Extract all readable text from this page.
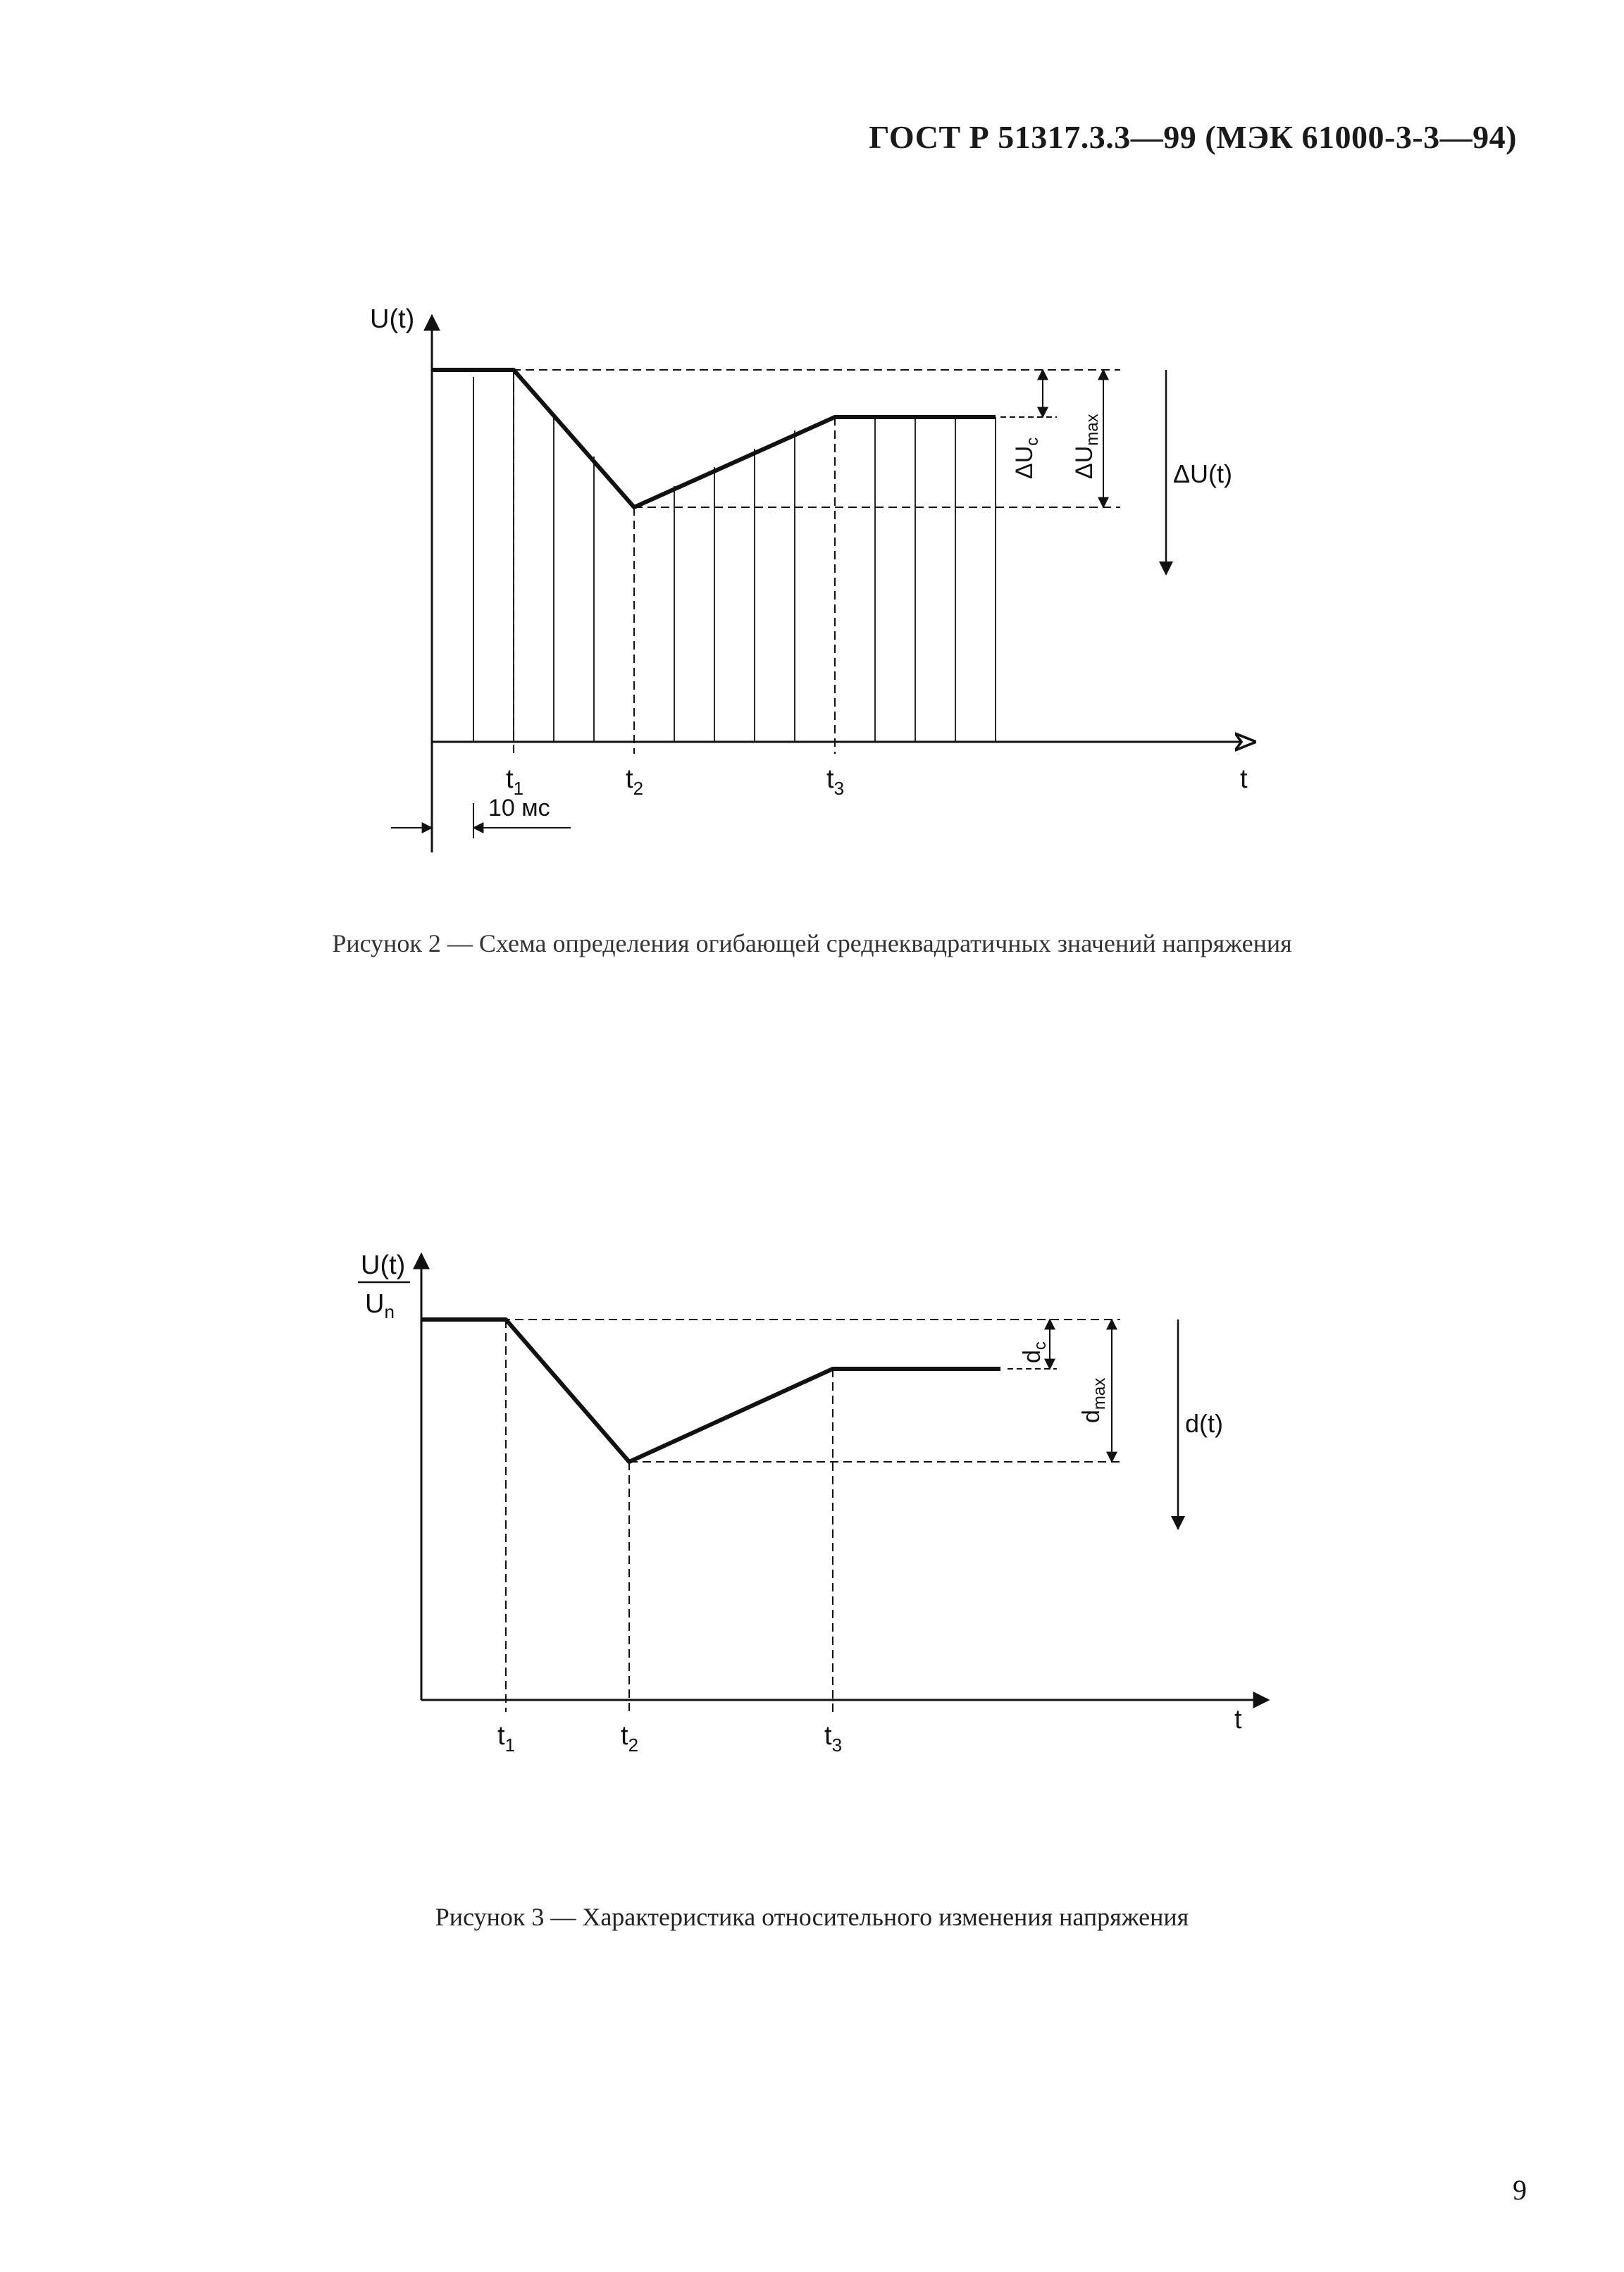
ГОСТ Р 51317.3.3—99 (МЭК 61000-3-3—94)
$t_1$	$t_2$	$t_3$	t
U(t)
10 мс
$\Delta U_c$
$\Delta U_{max}$
ΔU(t)
Рисунок 2 — Схема определения огибающей среднеквадратичных значений напряжения
U(t)
$U_n$
$t_1$	$t_2$	$t_3$
t
$d_c$
$d_{max}$
d(t)
Рисунок 3 — Характеристика относительного изменения напряжения
9
